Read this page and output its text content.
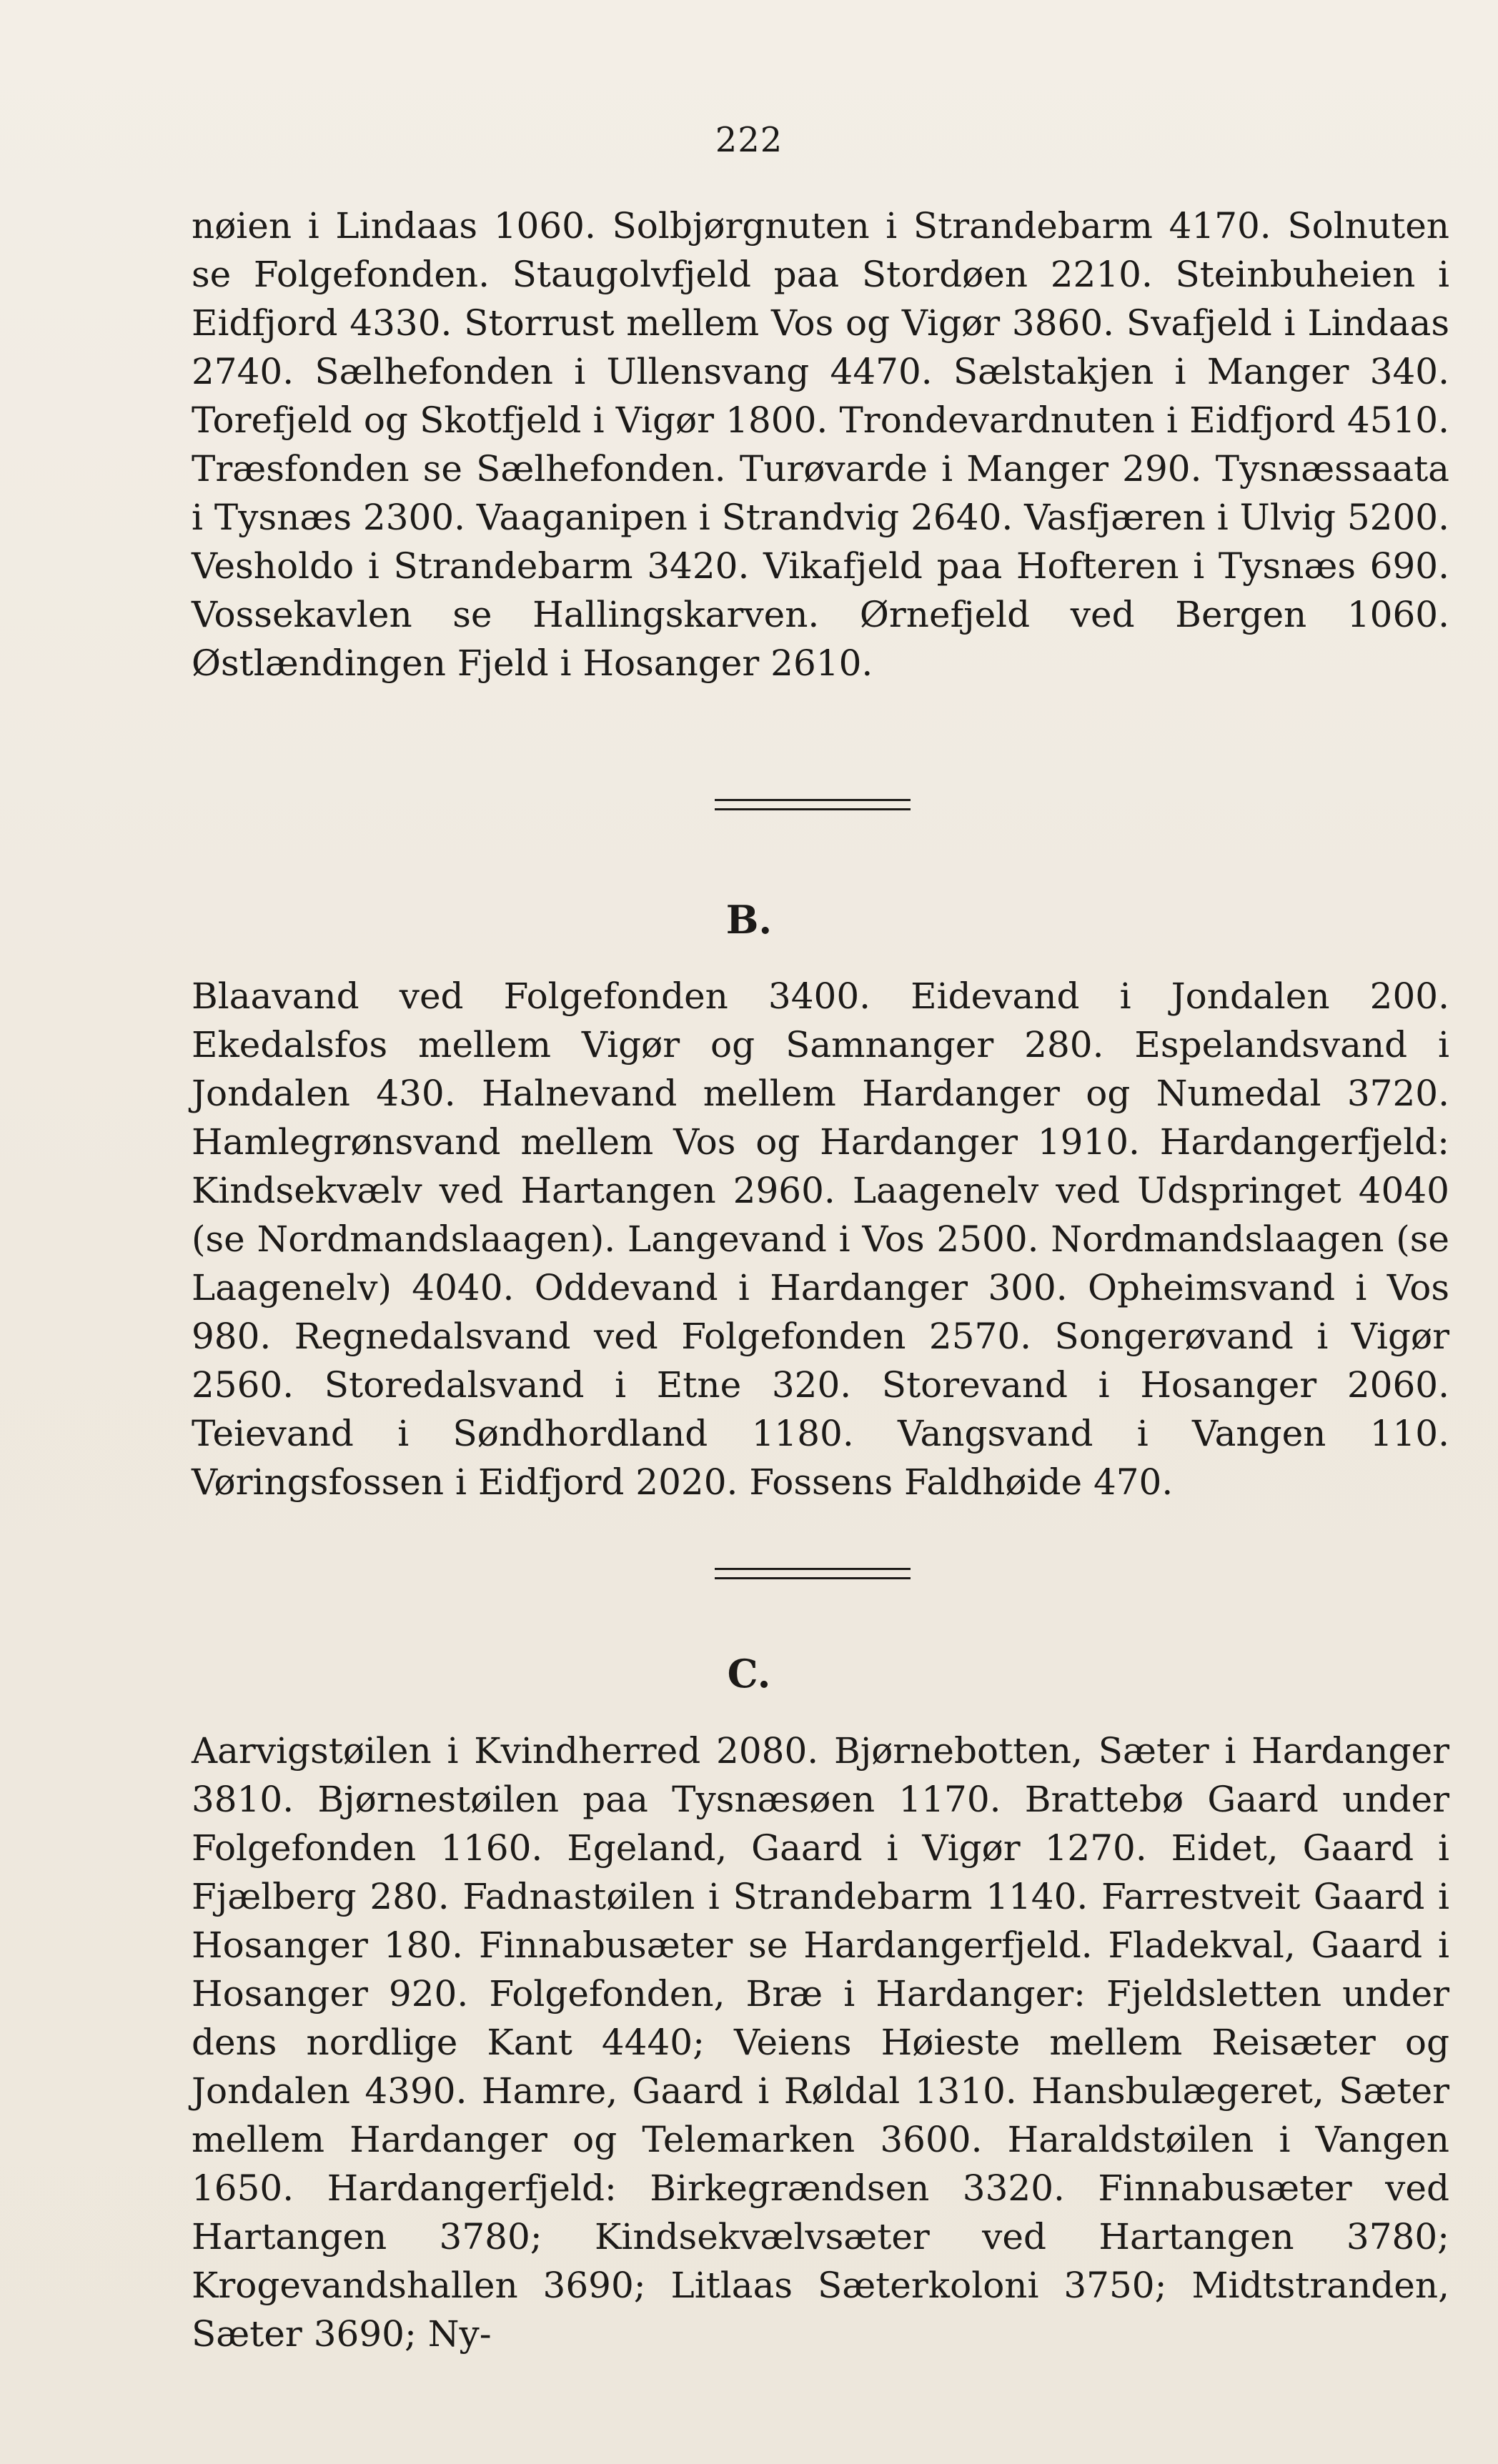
222

nøien i Lindaas 1060. Solbjørgnuten i Strandebarm 4170. Solnuten se Folgefonden. Staugolvfjeld paa Stordøen 2210. Steinbuheien i Eidfjord 4330. Storrust mellem Vos og Vigør 3860. Svafjeld i Lindaas 2740. Sælhefonden i Ullensvang 4470. Sælstakjen i Manger 340. Torefjeld og Skotfjeld i Vigør 1800. Trondevardnuten i Eidfjord 4510. Træsfonden se Sælhefonden. Turøvarde i Manger 290. Tysnæssaata i Tysnæs 2300. Vaaganipen i Strandvig 2640. Vasfjæren i Ulvig 5200. Vesholdo i Strandebarm 3420. Vikafjeld paa Hofteren i Tysnæs 690. Vossekavlen se Hallingskarven. Ørnefjeld ved Bergen 1060. Østlændingen Fjeld i Hosanger 2610.

B.

Blaavand ved Folgefonden 3400. Eidevand i Jondalen 200. Ekedalsfos mellem Vigør og Samnanger 280. Espelandsvand i Jondalen 430. Halnevand mellem Hardanger og Numedal 3720. Hamlegrønsvand mellem Vos og Hardanger 1910. Hardangerfjeld: Kindsekvælv ved Hartangen 2960. Laagenelv ved Udspringet 4040 (se Nordmandslaagen). Langevand i Vos 2500. Nordmandslaagen (se Laagenelv) 4040. Oddevand i Hardanger 300. Opheimsvand i Vos 980. Regnedalsvand ved Folgefonden 2570. Songerøvand i Vigør 2560. Storedalsvand i Etne 320. Storevand i Hosanger 2060. Teievand i Søndhordland 1180. Vangsvand i Vangen 110. Vøringsfossen i Eidfjord 2020. Fossens Faldhøide 470.

C.

Aarvigstøilen i Kvindherred 2080. Bjørnebotten, Sæter i Hardanger 3810. Bjørnestøilen paa Tysnæsøen 1170. Brattebø Gaard under Folgefonden 1160. Egeland, Gaard i Vigør 1270. Eidet, Gaard i Fjælberg 280. Fadnastøilen i Strandebarm 1140. Farrestveit Gaard i Hosanger 180. Finnabusæter se Hardangerfjeld. Fladekval, Gaard i Hosanger 920. Folgefonden, Bræ i Hardanger: Fjeldsletten under dens nordlige Kant 4440; Veiens Høieste mellem Reisæter og Jondalen 4390. Hamre, Gaard i Røldal 1310. Hansbulægeret, Sæter mellem Hardanger og Telemarken 3600. Haraldstøilen i Vangen 1650. Hardangerfjeld: Birkegrændsen 3320. Finnabusæter ved Hartangen 3780; Kindsekvælvsæter ved Hartangen 3780; Krogevandshallen 3690; Litlaas Sæterkoloni 3750; Midtstranden, Sæter 3690; Ny-
